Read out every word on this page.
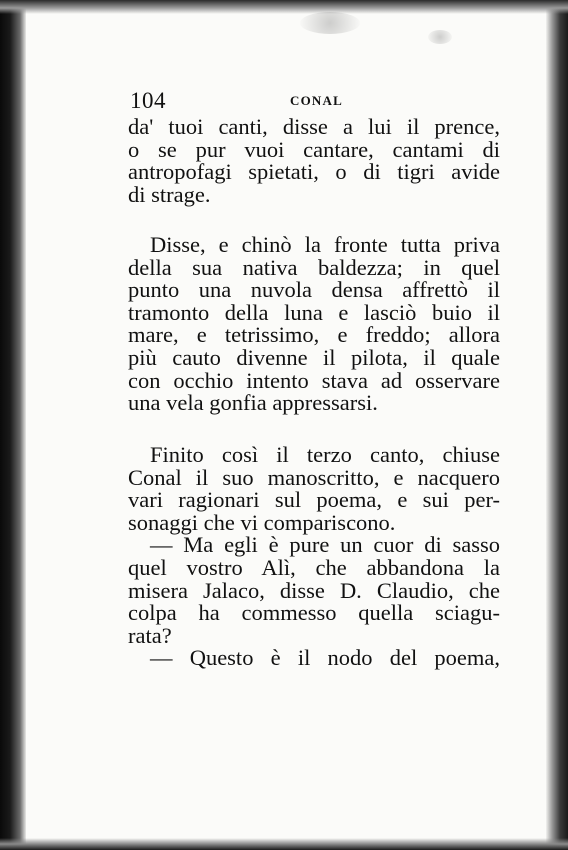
104	CONAL
da' tuoi canti, disse a lui il prence,
o se pur vuoi cantare, cantami di
antropofagi spietati, o di tigri avide
di strage.
Disse, e chinò la fronte tutta priva
della sua nativa baldezza; in quel
punto una nuvola densa affrettò il
tramonto della luna e lasciò buio il
mare, e tetrissimo, e freddo; allora
più cauto divenne il pilota, il quale
con occhio intento stava ad osservare
una vela gonfia appressarsi.
Finito così il terzo canto, chiuse
Conal il suo manoscritto, e nacquero
vari ragionari sul poema, e sui per-
sonaggi che vi compariscono.
— Ma egli è pure un cuor di sasso
quel vostro Alì, che abbandona la
misera Jalaco, disse D. Claudio, che
colpa ha commesso quella sciagu-
rata?
— Questo è il nodo del poema,
